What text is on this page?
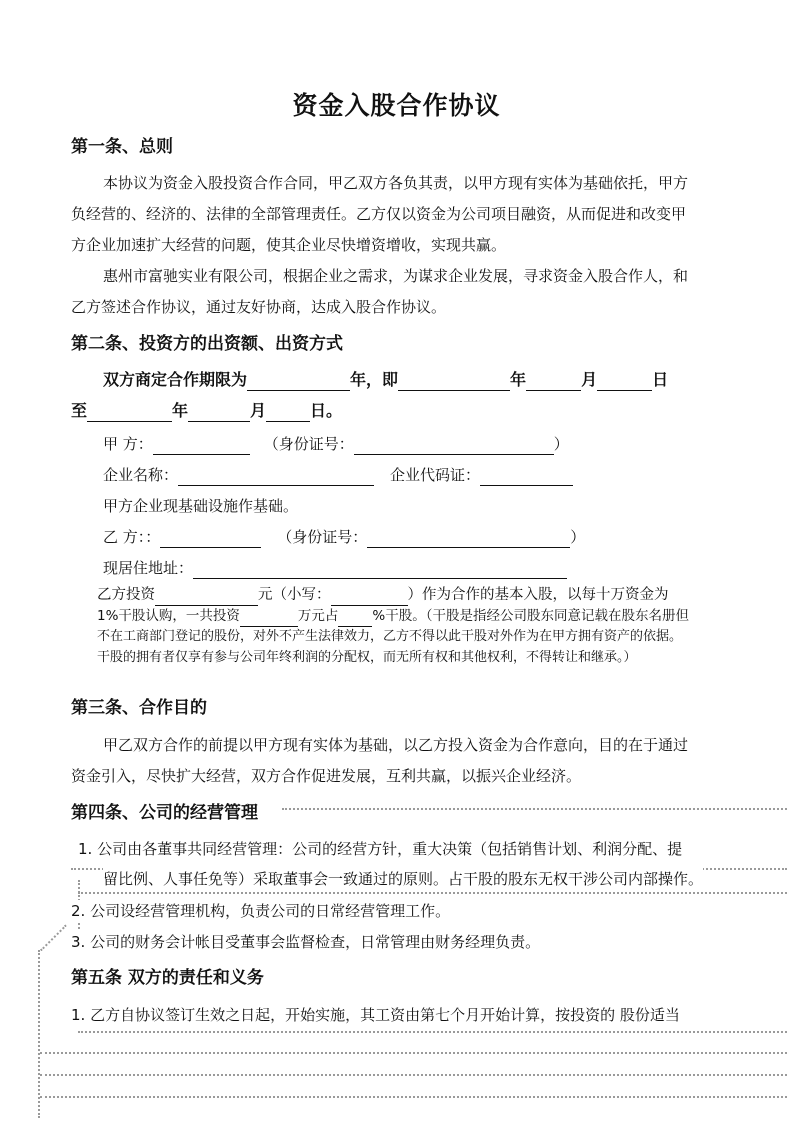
资金入股合作协议
第一条、总则
本协议为资金入股投资合作合同，甲乙双方各负其责，以甲方现有实体为基础依托，甲方
负经营的、经济的、法律的全部管理责任。乙方仅以资金为公司项目融资，从而促进和改变甲
方企业加速扩大经营的问题，使其企业尽快增资增收，实现共赢。
惠州市富驰实业有限公司，根据企业之需求，为谋求企业发展，寻求资金入股合作人，和
乙方签述合作协议，通过友好协商，达成入股合作协议。
第二条、投资方的出资额、出资方式
双方商定合作期限为	年，即	年	月	日
至	年	月	日。
甲 方：	（身份证号：	）
企业名称：	企业代码证：
甲方企业现基础设施作基础。
乙 方：：	（身份证号：	）
现居住地址：
乙方投资	元（小写：	）作为合作的基本入股，以每十万资金为
1%干股认购，一共投资	万元占	%干股。（干股是指经公司股东同意记载在股东名册但
不在工商部门登记的股份，对外不产生法律效力，乙方不得以此干股对外作为在甲方拥有资产的依据。
干股的拥有者仅享有参与公司年终利润的分配权，而无所有权和其他权利，不得转让和继承。）
第三条、合作目的
甲乙双方合作的前提以甲方现有实体为基础，以乙方投入资金为合作意向，目的在于通过
资金引入，尽快扩大经营，双方合作促进发展，互利共赢，以振兴企业经济。
第四条、公司的经营管理
1. 公司由各董事共同经营管理：公司的经营方针，重大决策（包括销售计划、利润分配、提
留比例、人事任免等）采取董事会一致通过的原则。占干股的股东无权干涉公司内部操作。
2. 公司设经营管理机构，负责公司的日常经营管理工作。
3. 公司的财务会计帐目受董事会监督检查，日常管理由财务经理负责。
第五条 双方的责任和义务
1. 乙方自协议签订生效之日起，开始实施，其工资由第七个月开始计算，按投资的 股份适当
